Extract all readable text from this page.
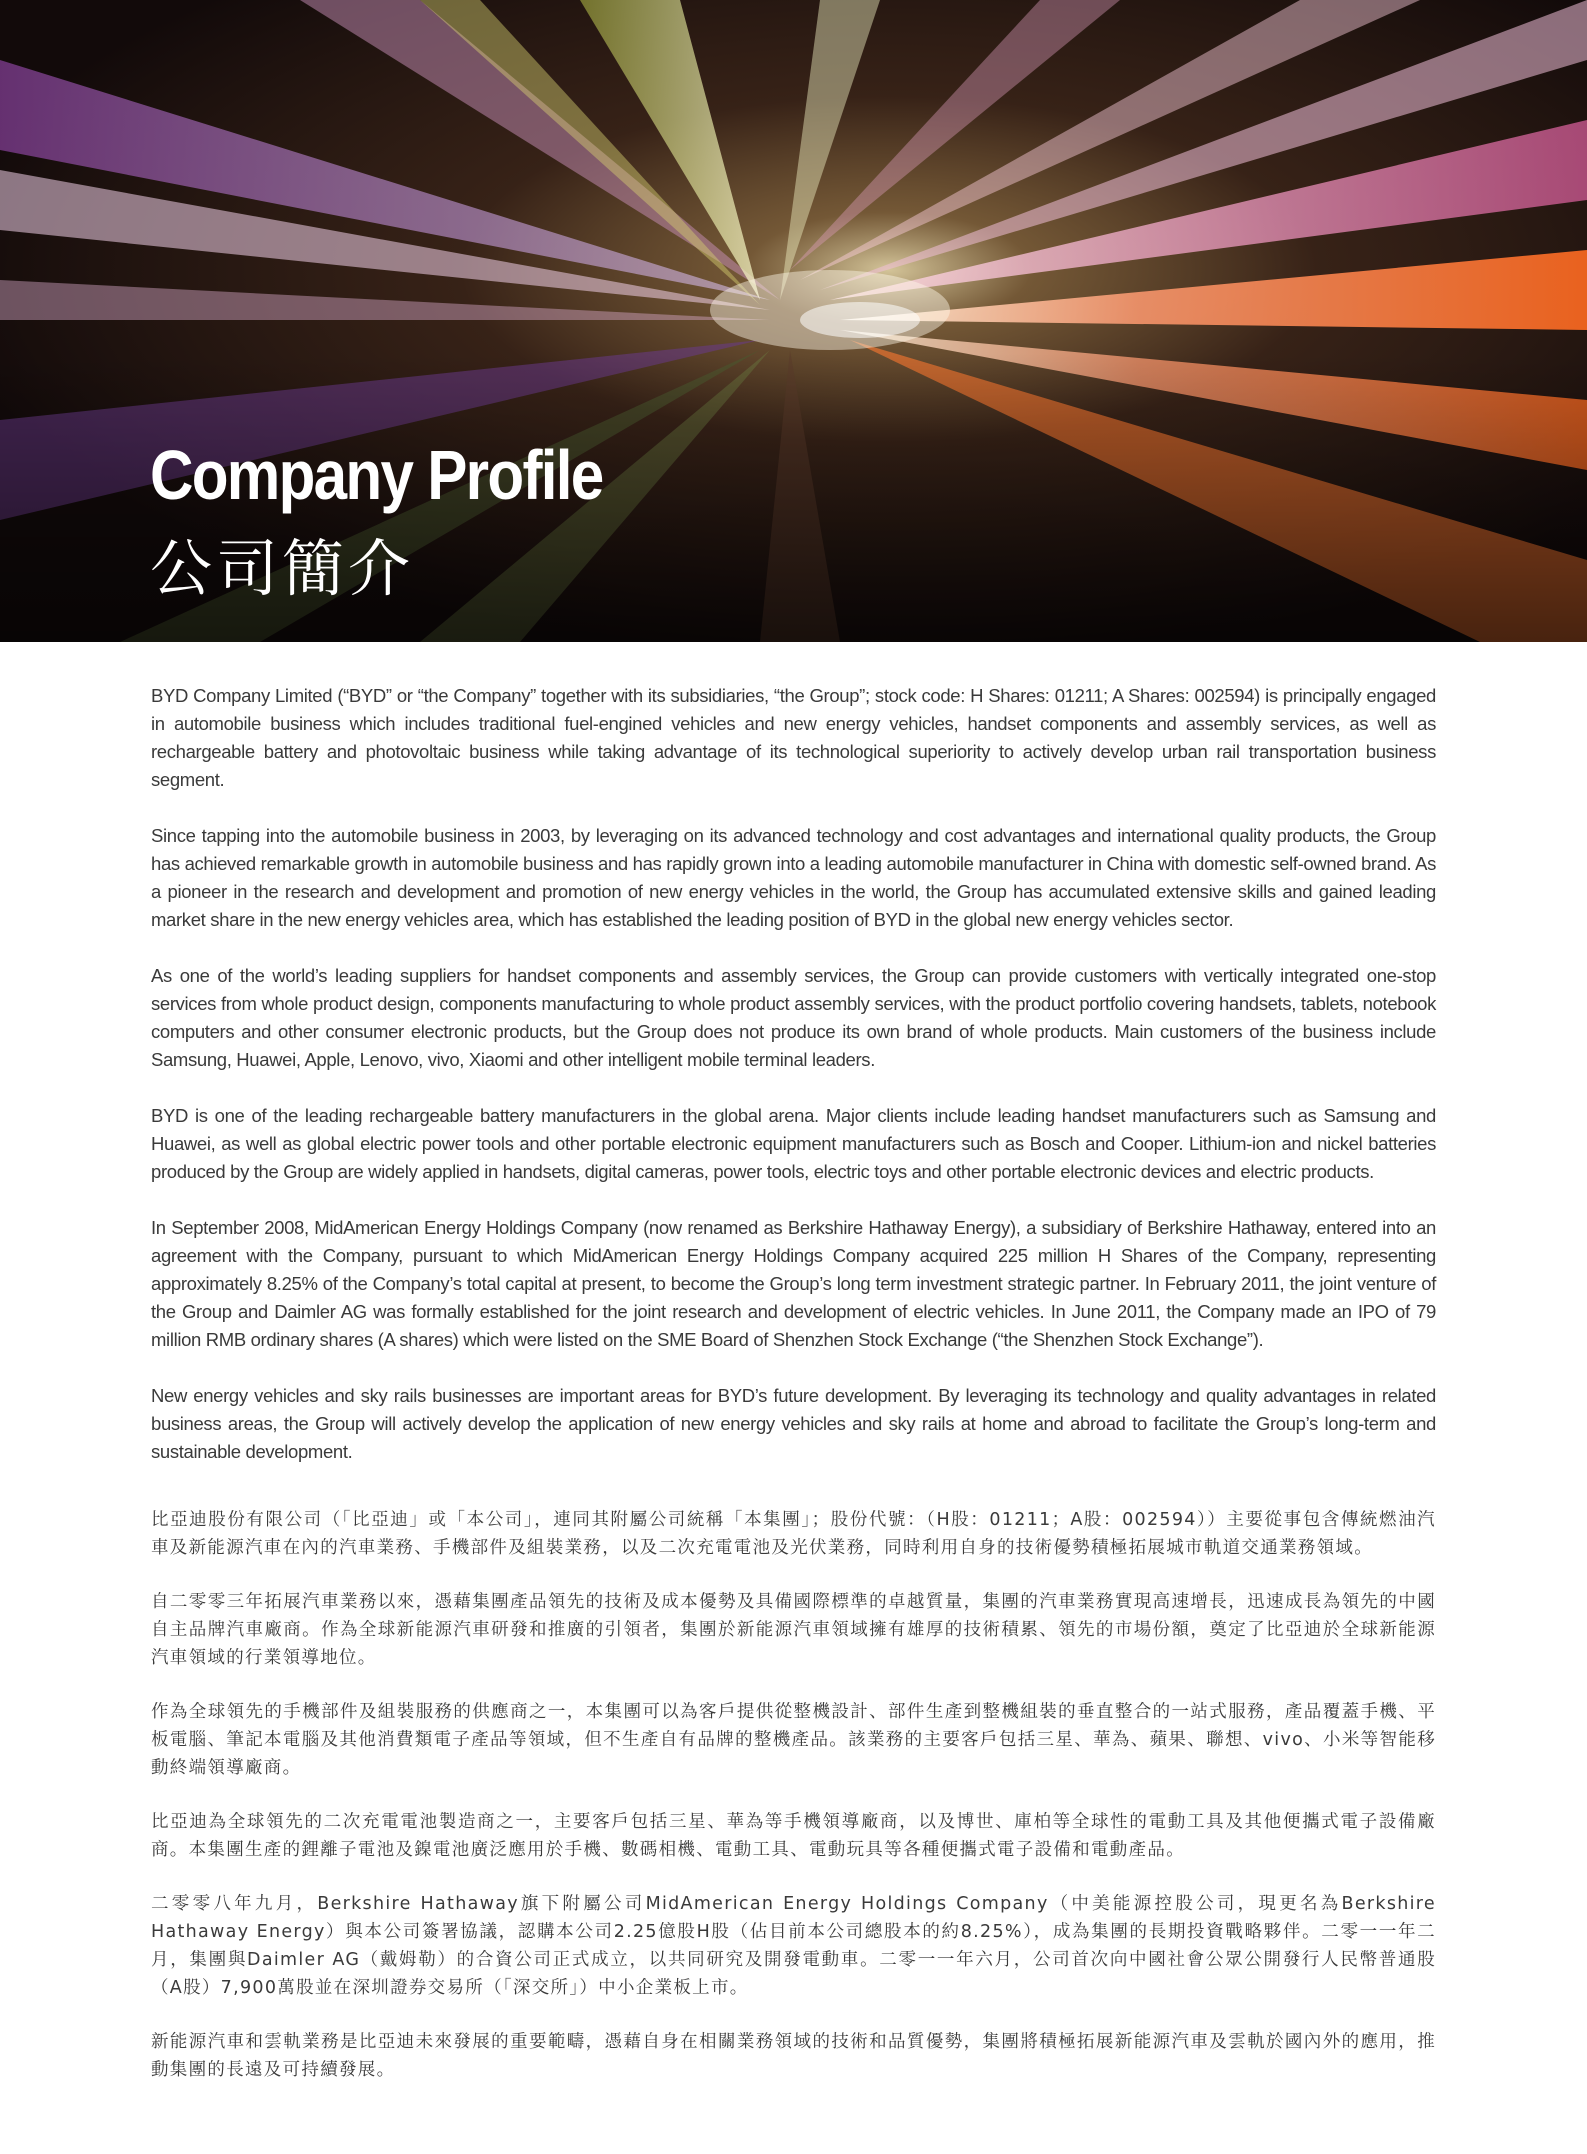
Company Profile
公司簡介

BYD Company Limited (“BYD” or “the Company” together with its subsidiaries, “the Group”; stock code: H Shares: 01211; A Shares: 002594) is principally engaged in automobile business which includes traditional fuel-engined vehicles and new energy vehicles, handset components and assembly services, as well as rechargeable battery and photovoltaic business while taking advantage of its technological superiority to actively develop urban rail transportation business segment.

Since tapping into the automobile business in 2003, by leveraging on its advanced technology and cost advantages and international quality products, the Group has achieved remarkable growth in automobile business and has rapidly grown into a leading automobile manufacturer in China with domestic self-owned brand. As a pioneer in the research and development and promotion of new energy vehicles in the world, the Group has accumulated extensive skills and gained leading market share in the new energy vehicles area, which has established the leading position of BYD in the global new energy vehicles sector.

As one of the world’s leading suppliers for handset components and assembly services, the Group can provide customers with vertically integrated one-stop services from whole product design, components manufacturing to whole product assembly services, with the product portfolio covering handsets, tablets, notebook computers and other consumer electronic products, but the Group does not produce its own brand of whole products. Main customers of the business include Samsung, Huawei, Apple, Lenovo, vivo, Xiaomi and other intelligent mobile terminal leaders.

BYD is one of the leading rechargeable battery manufacturers in the global arena. Major clients include leading handset manufacturers such as Samsung and Huawei, as well as global electric power tools and other portable electronic equipment manufacturers such as Bosch and Cooper. Lithium-ion and nickel batteries produced by the Group are widely applied in handsets, digital cameras, power tools, electric toys and other portable electronic devices and electric products.

In September 2008, MidAmerican Energy Holdings Company (now renamed as Berkshire Hathaway Energy), a subsidiary of Berkshire Hathaway, entered into an agreement with the Company, pursuant to which MidAmerican Energy Holdings Company acquired 225 million H Shares of the Company, representing approximately 8.25% of the Company’s total capital at present, to become the Group’s long term investment strategic partner. In February 2011, the joint venture of the Group and Daimler AG was formally established for the joint research and development of electric vehicles. In June 2011, the Company made an IPO of 79 million RMB ordinary shares (A shares) which were listed on the SME Board of Shenzhen Stock Exchange (“the Shenzhen Stock Exchange”).

New energy vehicles and sky rails businesses are important areas for BYD’s future development. By leveraging its technology and quality advantages in related business areas, the Group will actively develop the application of new energy vehicles and sky rails at home and abroad to facilitate the Group’s long-term and sustainable development.

比亞迪股份有限公司（「比亞迪」或「本公司」，連同其附屬公司統稱「本集團」；股份代號：（H股：01211；A股：002594））主要從事包含傳統燃油汽車及新能源汽車在內的汽車業務、手機部件及組裝業務，以及二次充電電池及光伏業務，同時利用自身的技術優勢積極拓展城市軌道交通業務領域。

自二零零三年拓展汽車業務以來，憑藉集團產品領先的技術及成本優勢及具備國際標準的卓越質量，集團的汽車業務實現高速增長，迅速成長為領先的中國自主品牌汽車廠商。作為全球新能源汽車研發和推廣的引領者，集團於新能源汽車領域擁有雄厚的技術積累、領先的市場份額，奠定了比亞迪於全球新能源汽車領域的行業領導地位。

作為全球領先的手機部件及組裝服務的供應商之一，本集團可以為客戶提供從整機設計、部件生產到整機組裝的垂直整合的一站式服務，產品覆蓋手機、平板電腦、筆記本電腦及其他消費類電子產品等領域，但不生產自有品牌的整機產品。該業務的主要客戶包括三星、華為、蘋果、聯想、vivo、小米等智能移動終端領導廠商。

比亞迪為全球領先的二次充電電池製造商之一，主要客戶包括三星、華為等手機領導廠商，以及博世、庫柏等全球性的電動工具及其他便攜式電子設備廠商。本集團生產的鋰離子電池及鎳電池廣泛應用於手機、數碼相機、電動工具、電動玩具等各種便攜式電子設備和電動產品。

二零零八年九月，Berkshire Hathaway旗下附屬公司MidAmerican Energy Holdings Company（中美能源控股公司，現更名為Berkshire Hathaway Energy）與本公司簽署協議，認購本公司2.25億股H股（佔目前本公司總股本的約8.25%），成為集團的長期投資戰略夥伴。二零一一年二月，集團與Daimler AG（戴姆勒）的合資公司正式成立，以共同研究及開發電動車。二零一一年六月，公司首次向中國社會公眾公開發行人民幣普通股（A股）7,900萬股並在深圳證券交易所（「深交所」）中小企業板上市。

新能源汽車和雲軌業務是比亞迪未來發展的重要範疇，憑藉自身在相關業務領域的技術和品質優勢，集團將積極拓展新能源汽車及雲軌於國內外的應用，推動集團的長遠及可持續發展。
